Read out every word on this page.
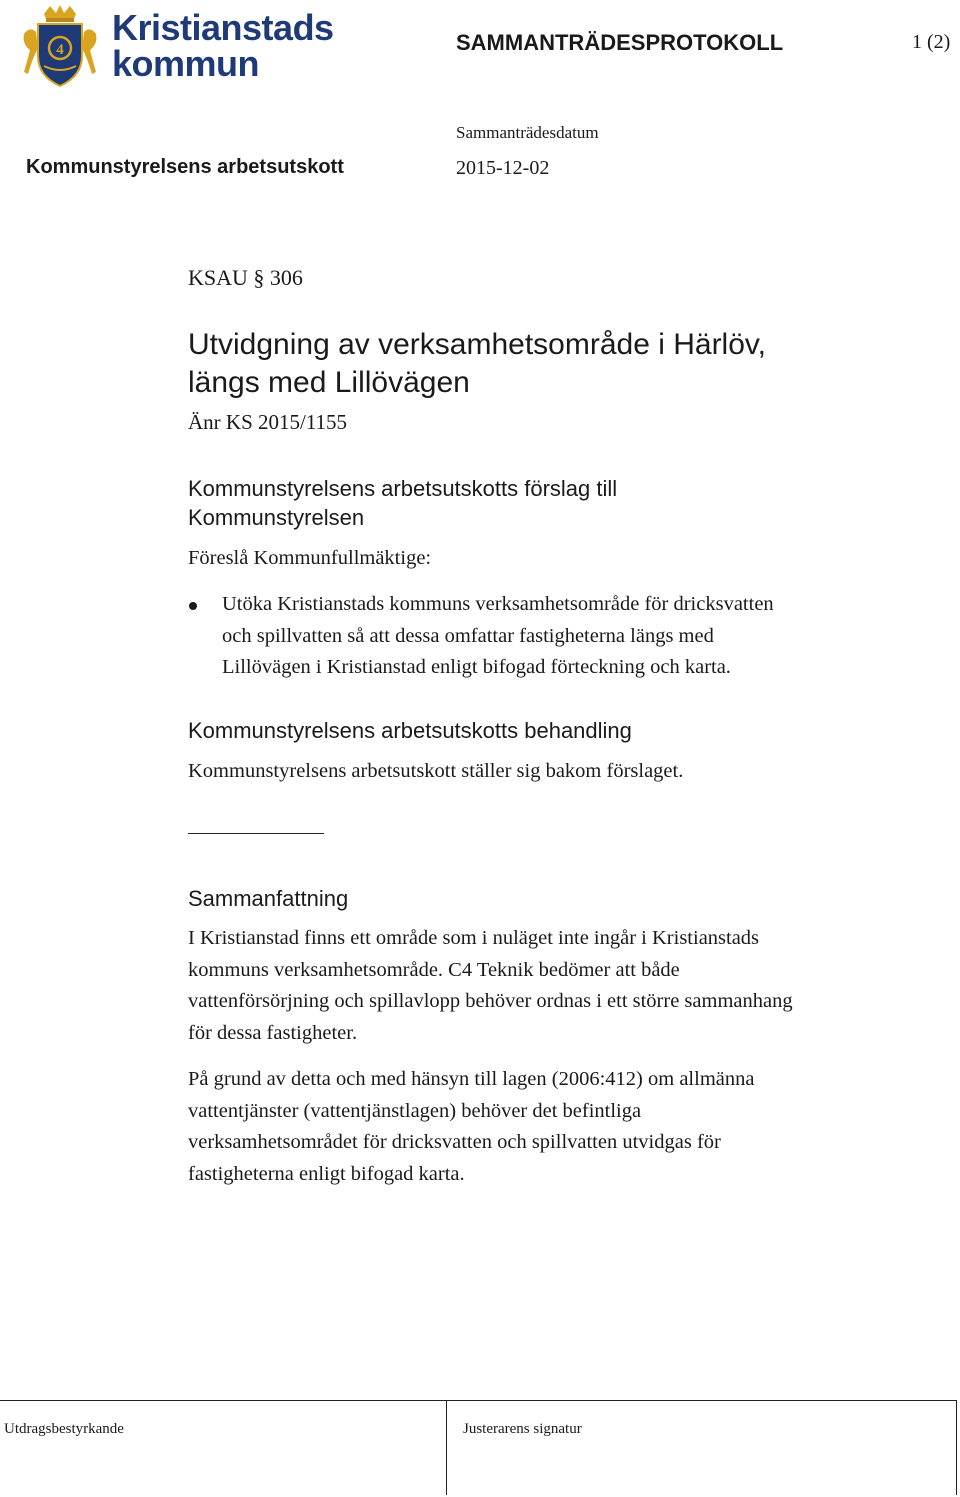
4
Kristianstads
kommun
SAMMANTRÄDESPROTOKOLL	1 (2)
Kommunstyrelsens arbetsutskott
Sammanträdesdatum
2015-12-02
KSAU § 306
Utvidgning av verksamhetsområde i Härlöv,
längs med Lillövägen
Änr KS 2015/1155
Kommunstyrelsens arbetsutskotts förslag till
Kommunstyrelsen
Föreslå Kommunfullmäktige:
Utöka Kristianstads kommuns verksamhetsområde för dricksvatten
och spillvatten så att dessa omfattar fastigheterna längs med
Lillövägen i Kristianstad enligt bifogad förteckning och karta.
Kommunstyrelsens arbetsutskotts behandling
Kommunstyrelsens arbetsutskott ställer sig bakom förslaget.
Sammanfattning
I Kristianstad finns ett område som i nuläget inte ingår i Kristianstads
kommuns verksamhetsområde. C4 Teknik bedömer att både
vattenförsörjning och spillavlopp behöver ordnas i ett större sammanhang
för dessa fastigheter.
På grund av detta och med hänsyn till lagen (2006:412) om allmänna
vattentjänster (vattentjänstlagen) behöver det befintliga
verksamhetsområdet för dricksvatten och spillvatten utvidgas för
fastigheterna enligt bifogad karta.
Utdragsbestyrkande	Justerarens signatur
